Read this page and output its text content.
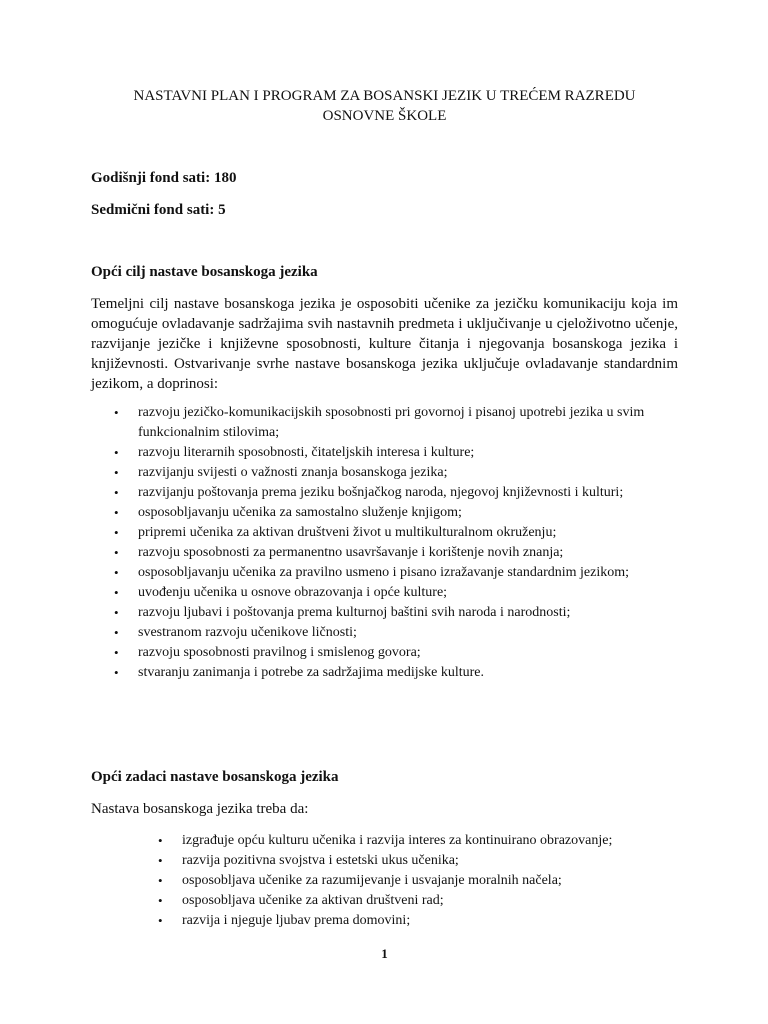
NASTAVNI PLAN I PROGRAM ZA BOSANSKI JEZIK U TREĆEM RAZREDU
OSNOVNE ŠKOLE

Godišnji fond sati: 180

Sedmični fond sati: 5

Opći cilj nastave bosanskoga jezika

Temeljni cilj nastave bosanskoga jezika je osposobiti učenike za jezičku komunikaciju koja im omogućuje ovladavanje sadržajima svih nastavnih predmeta i uključivanje u cjeloživotno učenje, razvijanje jezičke i književne sposobnosti, kulture čitanja i njegovanja bosanskoga jezika i književnosti. Ostvarivanje svrhe nastave bosanskoga jezika uključuje ovladavanje standardnim jezikom, a doprinosi:

• razvoju jezičko-komunikacijskih sposobnosti pri govornoj i pisanoj upotrebi jezika u svim funkcionalnim stilovima;
• razvoju literarnih sposobnosti, čitateljskih interesa i kulture;
• razvijanju svijesti o važnosti znanja bosanskoga jezika;
• razvijanju poštovanja prema jeziku bošnjačkog naroda, njegovoj književnosti i kulturi;
• osposobljavanju učenika za samostalno služenje knjigom;
• pripremi učenika za aktivan društveni život u multikulturalnom okruženju;
• razvoju sposobnosti za permanentno usavršavanje i korištenje novih znanja;
• osposobljavanju učenika za pravilno usmeno i pisano izražavanje standardnim jezikom;
• uvođenju učenika u osnove obrazovanja i opće kulture;
• razvoju ljubavi i poštovanja prema kulturnoj baštini svih naroda i narodnosti;
• svestranom razvoju učenikove ličnosti;
• razvoju sposobnosti pravilnog i smislenog govora;
• stvaranju zanimanja i potrebe za sadržajima medijske kulture.
Opći zadaci nastave bosanskoga jezika

Nastava bosanskoga jezika treba da:

• izgrađuje opću kulturu učenika i razvija interes za kontinuirano obrazovanje;
• razvija pozitivna svojstva i estetski ukus učenika;
• osposobljava učenike za razumijevanje i usvajanje moralnih načela;
• osposobljava učenike za aktivan društveni rad;
• razvija i njeguje ljubav prema domovini;
1
